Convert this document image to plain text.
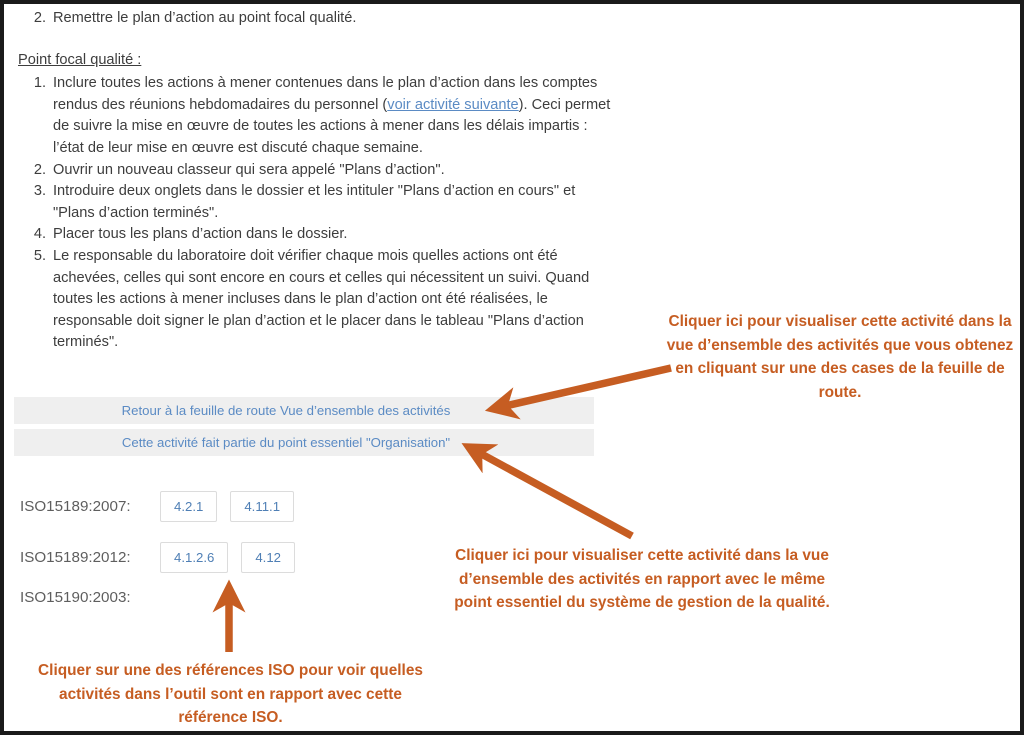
2. Remettre le plan d’action au point focal qualité.

Point focal qualité :

1. Inclure toutes les actions à mener contenues dans le plan d’action dans les comptes rendus des réunions hebdomadaires du personnel (voir activité suivante). Ceci permet de suivre la mise en œuvre de toutes les actions à mener dans les délais impartis : l’état de leur mise en œuvre est discuté chaque semaine.
2. Ouvrir un nouveau classeur qui sera appelé "Plans d’action".
3. Introduire deux onglets dans le dossier et les intituler "Plans d’action en cours" et "Plans d’action terminés".
4. Placer tous les plans d’action dans le dossier.
5. Le responsable du laboratoire doit vérifier chaque mois quelles actions ont été achevées, celles qui sont encore en cours et celles qui nécessitent un suivi. Quand toutes les actions à mener incluses dans le plan d’action ont été réalisées, le responsable doit signer le plan d’action et le placer dans le tableau "Plans d’action terminés".
Retour à la feuille de route Vue d’ensemble des activités
Cette activité fait partie du point essentiel "Organisation"
ISO15189:2007:	4.2.1	4.11.1
ISO15189:2012:	4.1.2.6	4.12
ISO15190:2003:
Cliquer ici pour visualiser cette activité dans la vue d’ensemble des activités que vous obtenez en cliquant sur une des cases de la feuille de route.
Cliquer ici pour visualiser cette activité dans la vue d’ensemble des activités en rapport avec le même point essentiel du système de gestion de la qualité.
Cliquer sur une des références ISO pour voir quelles activités dans l’outil sont en rapport avec cette référence ISO.
